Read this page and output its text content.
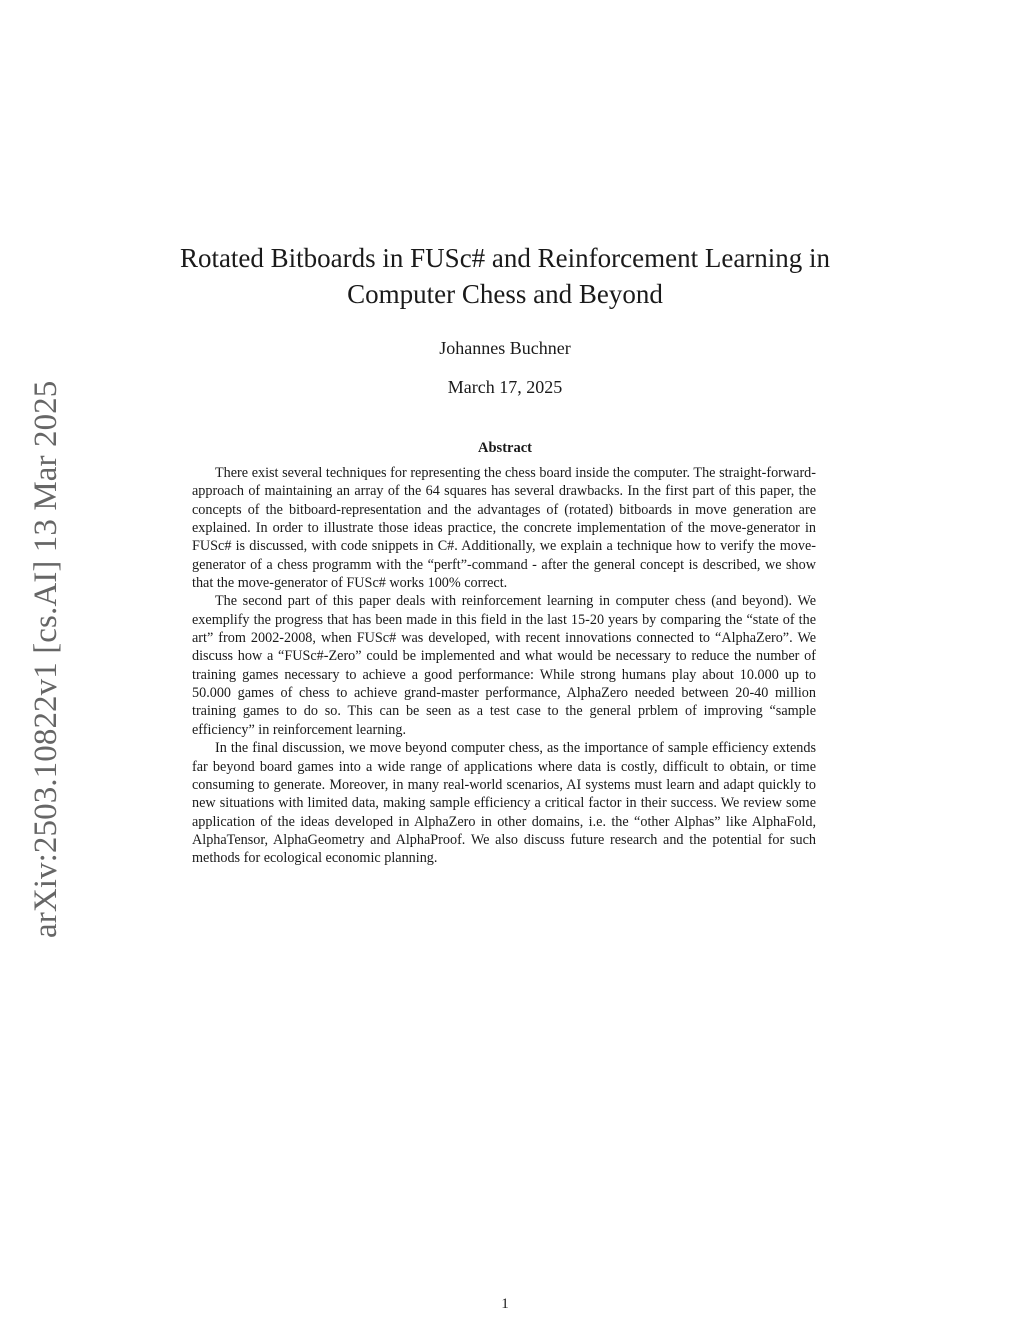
arXiv:2503.10822v1 [cs.AI] 13 Mar 2025
Rotated Bitboards in FUSc# and Reinforcement Learning in Computer Chess and Beyond
Johannes Buchner
March 17, 2025
Abstract

There exist several techniques for representing the chess board inside the computer. The straight-forward-approach of maintaining an array of the 64 squares has several drawbacks. In the first part of this paper, the concepts of the bitboard-representation and the advantages of (rotated) bitboards in move generation are explained. In order to illustrate those ideas practice, the concrete implementation of the move-generator in FUSc# is discussed, with code snippets in C#. Additionally, we explain a technique how to verify the move-generator of a chess programm with the “perft”-command - after the general concept is described, we show that the move-generator of FUSc# works 100% correct.

The second part of this paper deals with reinforcement learning in computer chess (and beyond). We exemplify the progress that has been made in this field in the last 15-20 years by comparing the “state of the art” from 2002-2008, when FUSc# was developed, with recent innovations connected to “AlphaZero”. We discuss how a “FUSc#-Zero” could be implemented and what would be necessary to reduce the number of training games necessary to achieve a good performance: While strong humans play about 10.000 up to 50.000 games of chess to achieve grand-master performance, AlphaZero needed between 20-40 million training games to do so. This can be seen as a test case to the general prblem of improving “sample efficiency” in reinforcement learning.

In the final discussion, we move beyond computer chess, as the importance of sample efficiency extends far beyond board games into a wide range of applications where data is costly, difficult to obtain, or time consuming to generate. Moreover, in many real-world scenarios, AI systems must learn and adapt quickly to new situations with limited data, making sample efficiency a critical factor in their success. We review some application of the ideas developed in AlphaZero in other domains, i.e. the “other Alphas” like AlphaFold, AlphaTensor, AlphaGeometry and AlphaProof. We also discuss future research and the potential for such methods for ecological economic planning.

1
